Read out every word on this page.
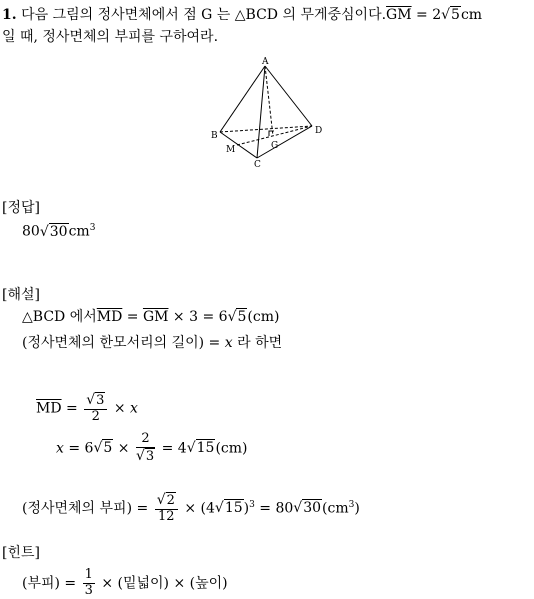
1. 다음 그림의 정사면체에서 점 G 는 △BCD 의 무게중심이다$.\overline{GM} = 2√5cm$
일 때, 정사면체의 부피를 구하여라.
A
B
C
D
G
M
[정답]
$80√30cm^3$
[해설]
△BCD 에서$\overline{MD} = \overline{GM} \times 3 = 6√5(cm)$
(정사면체의 한모서리의 길이) = x 라 하면
$\overline{MD} = \frac{√3}{2} \times x$
$x = 6√5 \times \frac{2}{√3} = 4√15(cm)$
(정사면체의 부피) = $\frac{√2}{12} \times (4√15)^3 = 80√30(cm^3)$
[힌트]
(부피) = $\frac{1}{3}$ × (밑넓이) × (높이)
